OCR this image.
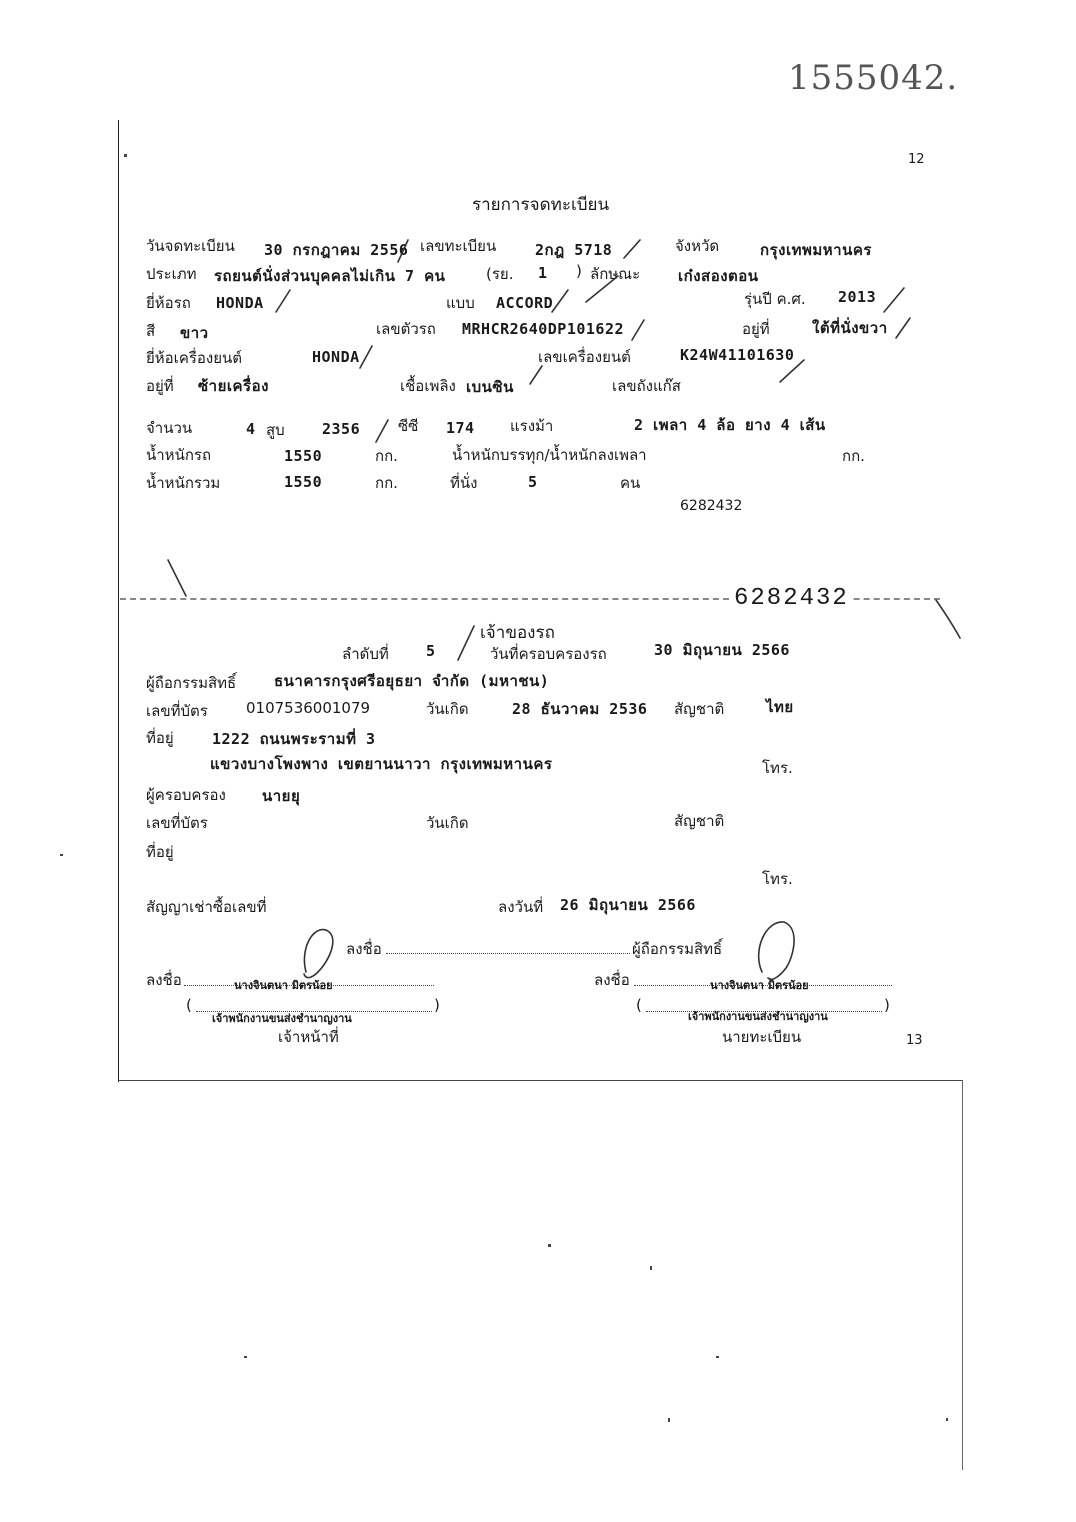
1555042.
12
รายการจดทะเบียน
วันจดทะเบียน 30 กรกฎาคม 2556 เลขทะเบียน	2กฎ 5718	จังหวัด	กรุงเทพมหานคร
ประเภท รถยนต์นั่งส่วนบุคคลไม่เกิน 7 คน	(รย. 1 ) ลักษณะ	เก๋งสองตอน
ยี่ห้อรถ HONDA	แบบ ACCORD	รุ่นปี ค.ศ. 2013
สี ขาว	เลขตัวรถ MRHCR2640DP101622	อยู่ที่	ใต้ที่นั่งขวา
ยี่ห้อเครื่องยนต์	HONDA	เลขเครื่องยนต์	K24W41101630
อยู่ที่ ซ้ายเครื่อง	เชื้อเพลิง เบนซิน	เลขถังแก๊ส
จำนวน	4 สูบ 2356	ซีซี 174 แรงม้า	2 เพลา 4 ล้อ ยาง 4 เส้น
น้ำหนักรถ	1550	กก.	น้ำหนักบรรทุก/น้ำหนักลงเพลา	กก.
น้ำหนักรวม	1550	กก.	ที่นั่ง	5	คน
6282432
6282432
เจ้าของรถ
ลำดับที่ 5	วันที่ครอบครองรถ	30 มิถุนายน 2566
ผู้ถือกรรมสิทธิ์	ธนาคารกรุงศรีอยุธยา จำกัด (มหาชน)
เลขที่บัตร	0107536001079	วันเกิด	28 ธันวาคม 2536 สัญชาติ	ไทย
ที่อยู่	1222 ถนนพระรามที่ 3
แขวงบางโพงพาง เขตยานนาวา กรุงเทพมหานคร	โทร.
ผู้ครอบครอง นายยุ
เลขที่บัตร	วันเกิด	สัญชาติ
ที่อยู่
โทร.
สัญญาเช่าซื้อเลขที่	ลงวันที่ 26 มิถุนายน 2566
ลงชื่อ	ผู้ถือกรรมสิทธิ์
ลงชื่อ	นางจินตนา มิตรน้อย
(	)
เจ้าพนักงานขนส่งชำนาญงาน
เจ้าหน้าที่
ลงชื่อ	นางจินตนา มิตรน้อย
(	)
เจ้าพนักงานขนส่งชำนาญงาน
นายทะเบียน	13
